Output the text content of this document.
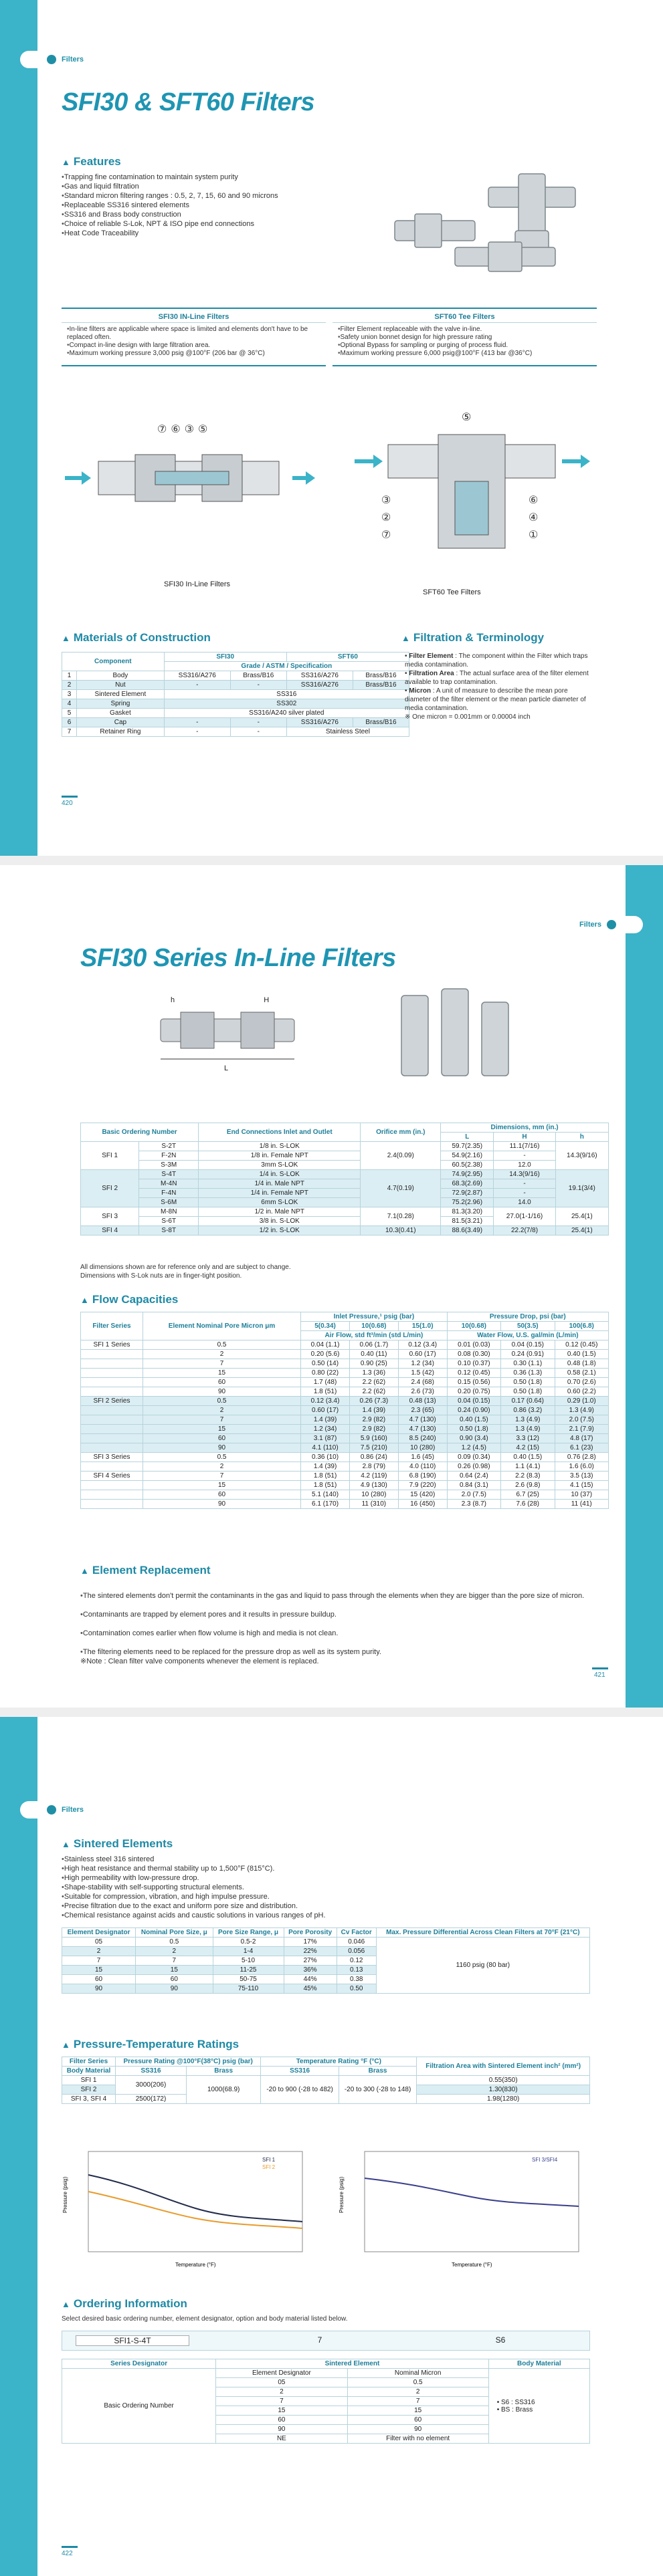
Filters
SFI30 & SFT60 Filters
▲ Features
• Trapping fine contamination to maintain system purity
• Gas and liquid filtration
• Standard micron filtering ranges : 0.5, 2, 7, 15, 60 and 90 microns
• Replaceable SS316 sintered elements
• SS316 and Brass body construction
• Choice of reliable S-Lok, NPT & ISO pipe end connections
• Heat Code Traceability
SFI30 IN-Line Filters
• In-line filters are applicable where space is limited and elements don't have to be replaced often.
• Compact in-line design with large filtration area.
• Maximum working pressure 3,000 psig @100°F (206 bar @ 36°C)
SFT60 Tee Filters
• Filter Element replaceable with the valve in-line.
• Safety union bonnet design for high pressure rating
• Optional Bypass for sampling or purging of process fluid.
• Maximum working pressure 6,000 psig@100°F (413 bar @36°C)
⑦⑥③⑤
SFI30 In-Line Filters
③
②
⑦
⑥
④
①
⑤
SFT60 Tee Filters
▲ Materials of Construction
Component		SFI30		SFT60	
		Grade / ASTM / Specification			
1	Body	SS316/A276	Brass/B16	SS316/A276	Brass/B16
2	Nut	-	-	SS316/A276	Brass/B16
3	Sintered Element	SS316			
4	Spring	SS302			
5	Gasket	SS316/A240 silver plated			
6	Cap	-	-	SS316/A276	Brass/B16
7	Retainer Ring	-	-	Stainless Steel	
▲ Filtration & Terminology
• Filter Element : The component within the Filter which traps media contamination.
• Filtration Area : The actual surface area of the filter element available to trap contamination.
• Micron : A unit of measure to describe the mean pore diameter of the filter element or the mean particle diameter of media contamination.
※ One micron = 0.001mm or 0.00004 inch
420
Filters
SFI30 Series In-Line Filters
h	H
L
Basic Ordering Number		End Connections Inlet and Outlet	Orifice mm (in.)	Dimensions, mm (in.)		
				L	H	h
SFI 1	S-2T	1/8 in. S-LOK	2.4(0.09)	59.7(2.35)	11.1(7/16)	14.3(9/16)
	F-2N	1/8 in. Female NPT		54.9(2.16)	-	
	S-3M	3mm S-LOK		60.5(2.38)	12.0	
SFI 2	S-4T	1/4 in. S-LOK	4.7(0.19)	74.9(2.95)	14.3(9/16)	19.1(3/4)
	M-4N	1/4 in. Male NPT		68.3(2.69)	-	
	F-4N	1/4 in. Female NPT		72.9(2.87)	-	
	S-6M	6mm S-LOK		75.2(2.96)	14.0	
SFI 3	M-8N	1/2 in. Male NPT	7.1(0.28)	81.3(3.20)	27.0(1-1/16)	25.4(1)
	S-6T	3/8 in. S-LOK		81.5(3.21)		
SFI 4	S-8T	1/2 in. S-LOK	10.3(0.41)	88.6(3.49)	22.2(7/8)	25.4(1)
All dimensions shown are for reference only and are subject to change.
Dimensions with S-Lok nuts are in finger-tight position.
▲ Flow Capacities
Filter Series	Element Nominal Pore Micron μm	Inlet Pressure,¹ psig (bar)			Pressure Drop, psi (bar)		
		5(0.34)	10(0.68)	15(1.0)	10(0.68)	50(3.5)	100(6.8)
		Air Flow, std ft³/min (std L/min)			Water Flow, U.S. gal/min (L/min)		
SFI 1 Series	0.5	0.04 (1.1)	0.06 (1.7)	0.12 (3.4)	0.01 (0.03)	0.04 (0.15)	0.12 (0.45)
	2	0.20 (5.6)	0.40 (11)	0.60 (17)	0.08 (0.30)	0.24 (0.91)	0.40 (1.5)
	7	0.50 (14)	0.90 (25)	1.2 (34)	0.10 (0.37)	0.30 (1.1)	0.48 (1.8)
	15	0.80 (22)	1.3 (36)	1.5 (42)	0.12 (0.45)	0.36 (1.3)	0.58 (2.1)
	60	1.7 (48)	2.2 (62)	2.4 (68)	0.15 (0.56)	0.50 (1.8)	0.70 (2.6)
	90	1.8 (51)	2.2 (62)	2.6 (73)	0.20 (0.75)	0.50 (1.8)	0.60 (2.2)
SFI 2 Series	0.5	0.12 (3.4)	0.26 (7.3)	0.48 (13)	0.04 (0.15)	0.17 (0.64)	0.29 (1.0)
	2	0.60 (17)	1.4 (39)	2.3 (65)	0.24 (0.90)	0.86 (3.2)	1.3 (4.9)
	7	1.4 (39)	2.9 (82)	4.7 (130)	0.40 (1.5)	1.3 (4.9)	2.0 (7.5)
	15	1.2 (34)	2.9 (82)	4.7 (130)	0.50 (1.8)	1.3 (4.9)	2.1 (7.9)
	60	3.1 (87)	5.9 (160)	8.5 (240)	0.90 (3.4)	3.3 (12)	4.8 (17)
	90	4.1 (110)	7.5 (210)	10 (280)	1.2 (4.5)	4.2 (15)	6.1 (23)
SFI 3 Series	0.5	0.36 (10)	0.86 (24)	1.6 (45)	0.09 (0.34)	0.40 (1.5)	0.76 (2.8)
	2	1.4 (39)	2.8 (79)	4.0 (110)	0.26 (0.98)	1.1 (4.1)	1.6 (6.0)
SFI 4 Series	7	1.8 (51)	4.2 (119)	6.8 (190)	0.64 (2.4)	2.2 (8.3)	3.5 (13)
	15	1.8 (51)	4.9 (130)	7.9 (220)	0.84 (3.1)	2.6 (9.8)	4.1 (15)
	60	5.1 (140)	10 (280)	15 (420)	2.0 (7.5)	6.7 (25)	10 (37)
	90	6.1 (170)	11 (310)	16 (450)	2.3 (8.7)	7.6 (28)	11 (41)
▲ Element Replacement

• The sintered elements don't permit the contaminants in the gas and liquid to pass through the elements when they are bigger than the pore size of micron.

• Contaminants are trapped by element pores and it results in pressure buildup.

• Contamination comes earlier when flow volume is high and media is not clean.

• The filtering elements need to be replaced for the pressure drop as well as its system purity.
※Note : Clean filter valve components whenever the element is replaced.

421
Filters
▲ Sintered Elements
• Stainless steel 316 sintered
• High heat resistance and thermal stability up to 1,500°F (815°C).
• High permeability with low-pressure drop.
• Shape-stability with self-supporting structural elements.
• Suitable for compression, vibration, and high impulse pressure.
• Precise filtration due to the exact and uniform pore size and distribution.
• Chemical resistance against acids and caustic solutions in various ranges of pH.
Element Designator	Nominal Pore Size, μ	Pore Size Range, μ	Pore Porosity	Cv Factor	Max. Pressure Differential Across Clean Filters at 70°F (21°C)
05	0.5	0.5-2	17%	0.046	1160 psig (80 bar)
2	2	1-4	22%	0.056	
7	7	5-10	27%	0.12	
15	15	11-25	36%	0.13	
60	60	50-75	44%	0.38	
90	90	75-110	45%	0.50	
▲ Pressure-Temperature Ratings
Filter Series	Pressure Rating @100°F(38°C) psig (bar)		Temperature Rating °F (°C)		Filtration Area with Sintered Element inch² (mm²)
Body Material	SS316	Brass	SS316	Brass	
SFI 1	3000(206)	1000(68.9)	-20 to 900 (-28 to 482)	-20 to 300 (-28 to 148)	0.55(350)
SFI 2					1.30(830)
SFI 3, SFI 4	2500(172)				1.98(1280)
Pressure (psig)
Temperature (°F)
SFI 1
SFI 2
Pressure (psig)
Temperature (°F)
SFI 3/SFI4
▲ Ordering Information
Select desired basic ordering number, element designator, option and body material listed below.
SFI1-S-4T	7	S6
Series Designator	Sintered Element		Body Material
Basic Ordering Number	Element Designator	Nominal Micron	• S6 : SS316
• BS : Brass

	05	0.5	
	2	2	
	7	7	
	15	15	
	60	60	
	90	90	
	NE	Filter with no element	
422
